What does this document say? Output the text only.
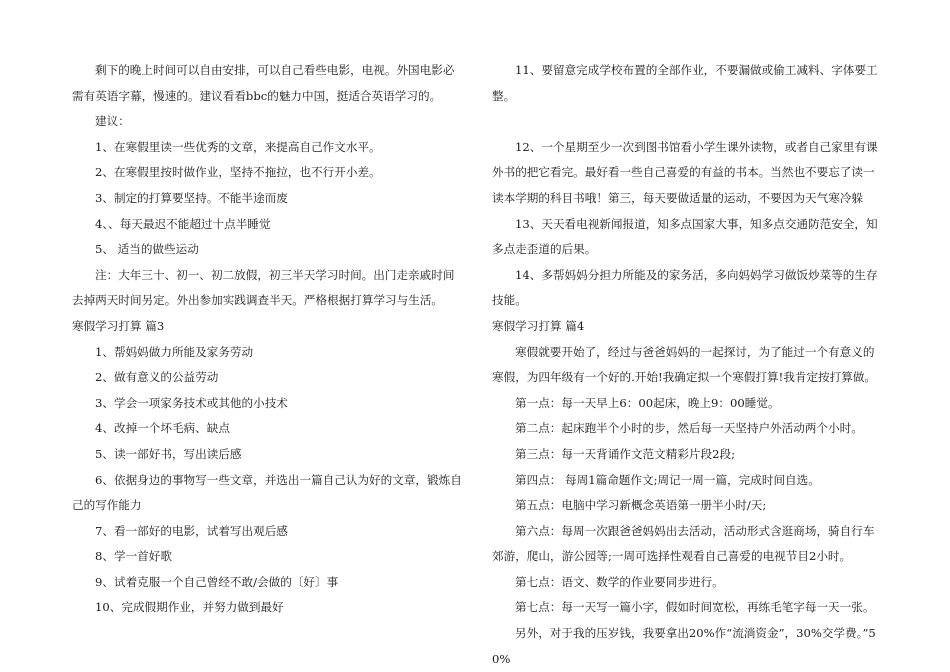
剩下的晚上时间可以自由安排，可以自己看些电影，电视。外国电影必需有英语字幕，慢速的。建议看看bbc的魅力中国，挺适合英语学习的。

建议：

1、在寒假里读一些优秀的文章，来提高自己作文水平。

2、在寒假里按时做作业，坚持不拖拉，也不行开小差。

3、制定的打算要坚持。不能半途而废

4、、每天最迟不能超过十点半睡觉

5、 适当的做些运动

注：大年三十、初一、初二放假，初三半天学习时间。出门走亲戚时间去掉两天时间另定。外出参加实践调查半天。严格根据打算学习与生活。

寒假学习打算 篇3

1、帮妈妈做力所能及家务劳动

2、做有意义的公益劳动

3、学会一项家务技术或其他的小技术

4、改掉一个坏毛病、缺点

5、读一部好书，写出读后感

6、依据身边的事物写一些文章，并选出一篇自己认为好的文章，锻炼自己的写作能力

7、看一部好的电影，试着写出观后感

8、学一首好歌

9、试着克服一个自己曾经不敢/会做的〔好〕事

10、完成假期作业，并努力做到最好

11、要留意完成学校布置的全部作业，不要漏做或偷工减料、字体要工整。

12、一个星期至少一次到图书馆看小学生课外读物，或者自己家里有课外书的把它看完。最好看一些自己喜爱的有益的书本。当然也不要忘了读一读本学期的科目书哦！第三，每天要做适量的运动，不要因为天气寒冷躲

13、天天看电视新闻报道，知多点国家大事，知多点交通防范安全，知多点走歪道的后果。

14、多帮妈妈分担力所能及的家务活，多向妈妈学习做饭炒菜等的生存技能。

寒假学习打算 篇4

寒假就要开始了，经过与爸爸妈妈的一起探讨，为了能过一个有意义的寒假，为四年级有一个好的.开始!我确定拟一个寒假打算!我肯定按打算做。

第一点：每一天早上6：00起床，晚上9：00睡觉。

第二点：起床跑半个小时的步，然后每一天坚持户外活动两个小时。

第三点：每一天背诵作文范文精彩片段2段;

第四点： 每周1篇命题作文;周记一周一篇，完成时间自选。

第五点：电脑中学习新概念英语第一册半小时/天;

第六点：每周一次跟爸爸妈妈出去活动，活动形式含逛商场，骑自行车郊游，爬山，游公园等;一周可选择性观看自己喜爱的电视节目2小时。

第七点：语文、数学的作业要同步进行。

第七点：每一天写一篇小字，假如时间宽松，再练毛笔字每一天一张。

另外，对于我的压岁钱，我要拿出20%作“流淌资金”，30%交学费。”50%
